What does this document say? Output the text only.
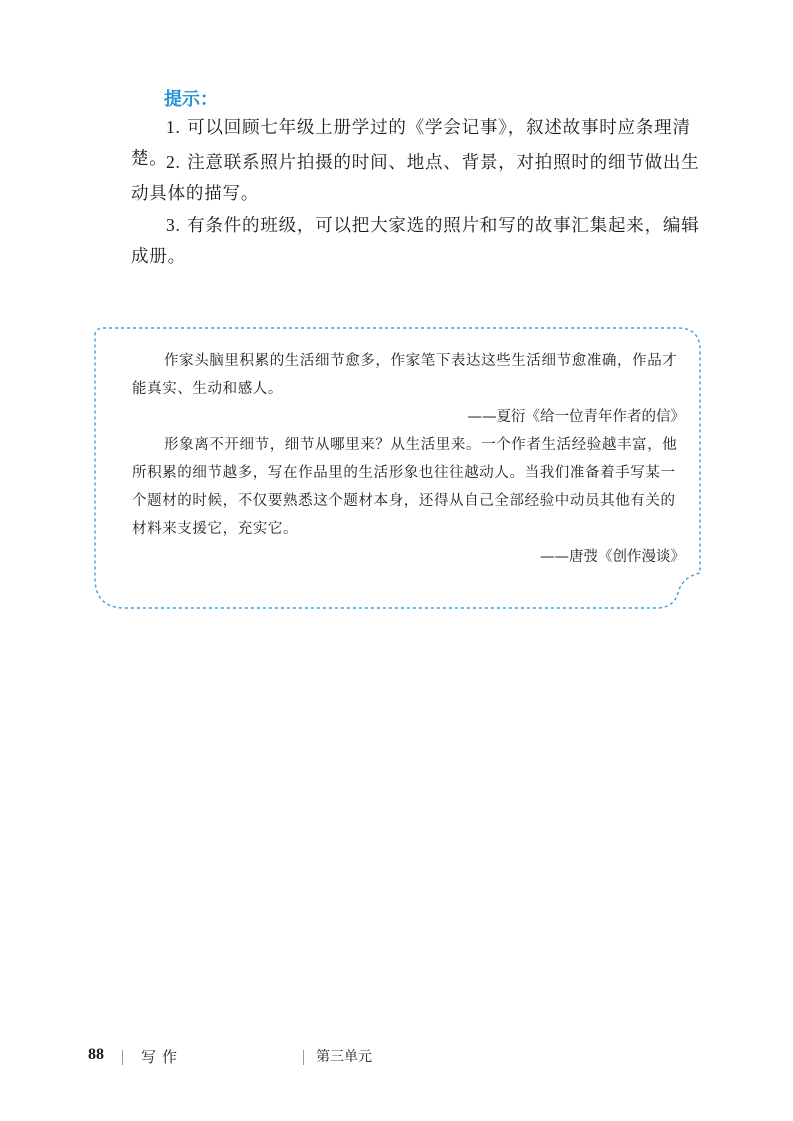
提示：

1. 可以回顾七年级上册学过的《学会记事》，叙述故事时应条理清楚。

2. 注意联系照片拍摄的时间、地点、背景，对拍照时的细节做出生动具体的描写。

3. 有条件的班级，可以把大家选的照片和写的故事汇集起来，编辑成册。

作家头脑里积累的生活细节愈多，作家笔下表达这些生活细节愈准确，作品才能真实、生动和感人。

——夏衍《给一位青年作者的信》

形象离不开细节，细节从哪里来？从生活里来。一个作者生活经验越丰富，他所积累的细节越多，写在作品里的生活形象也往往越动人。当我们准备着手写某一个题材的时候，不仅要熟悉这个题材本身，还得从自己全部经验中动员其他有关的材料来支援它，充实它。

——唐弢《创作漫谈》

88 写作	第三单元
